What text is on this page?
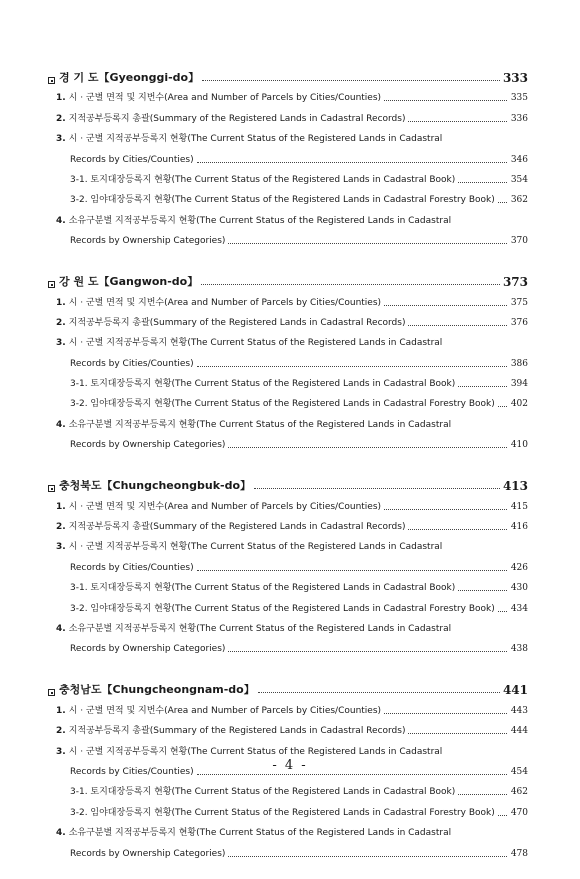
경 기 도【Gyeonggi-do】	333
1. 시 · 군별 면적 및 지번수(Area and Number of Parcels by Cities/Counties)	335
2. 지적공부등록지 총괄(Summary of the Registered Lands in Cadastral Records)	336
3. 시 · 군별 지적공부등록지 현황(The Current Status of the Registered Lands in Cadastral
Records by Cities/Counties)	346
3-1. 토지대장등록지 현황(The Current Status of the Registered Lands in Cadastral Book)	354
3-2. 임야대장등록지 현황(The Current Status of the Registered Lands in Cadastral Forestry Book) 362
4. 소유구분별 지적공부등록지 현황(The Current Status of the Registered Lands in Cadastral
Records by Ownership Categories)	370
강 원 도【Gangwon-do】	373
1. 시 · 군별 면적 및 지번수(Area and Number of Parcels by Cities/Counties)	375
2. 지적공부등록지 총괄(Summary of the Registered Lands in Cadastral Records)	376
3. 시 · 군별 지적공부등록지 현황(The Current Status of the Registered Lands in Cadastral
Records by Cities/Counties)	386
3-1. 토지대장등록지 현황(The Current Status of the Registered Lands in Cadastral Book)	394
3-2. 임야대장등록지 현황(The Current Status of the Registered Lands in Cadastral Forestry Book) 402
4. 소유구분별 지적공부등록지 현황(The Current Status of the Registered Lands in Cadastral
Records by Ownership Categories)	410
충청북도【Chungcheongbuk-do】	413
1. 시 · 군별 면적 및 지번수(Area and Number of Parcels by Cities/Counties)	415
2. 지적공부등록지 총괄(Summary of the Registered Lands in Cadastral Records)	416
3. 시 · 군별 지적공부등록지 현황(The Current Status of the Registered Lands in Cadastral
Records by Cities/Counties)	426
3-1. 토지대장등록지 현황(The Current Status of the Registered Lands in Cadastral Book)	430
3-2. 임야대장등록지 현황(The Current Status of the Registered Lands in Cadastral Forestry Book) 434
4. 소유구분별 지적공부등록지 현황(The Current Status of the Registered Lands in Cadastral
Records by Ownership Categories)	438
충청남도【Chungcheongnam-do】	441
1. 시 · 군별 면적 및 지번수(Area and Number of Parcels by Cities/Counties)	443
2. 지적공부등록지 총괄(Summary of the Registered Lands in Cadastral Records)	444
3. 시 · 군별 지적공부등록지 현황(The Current Status of the Registered Lands in Cadastral
Records by Cities/Counties)	454
3-1. 토지대장등록지 현황(The Current Status of the Registered Lands in Cadastral Book)	462
3-2. 임야대장등록지 현황(The Current Status of the Registered Lands in Cadastral Forestry Book) 470
4. 소유구분별 지적공부등록지 현황(The Current Status of the Registered Lands in Cadastral
Records by Ownership Categories)	478
- 4 -
